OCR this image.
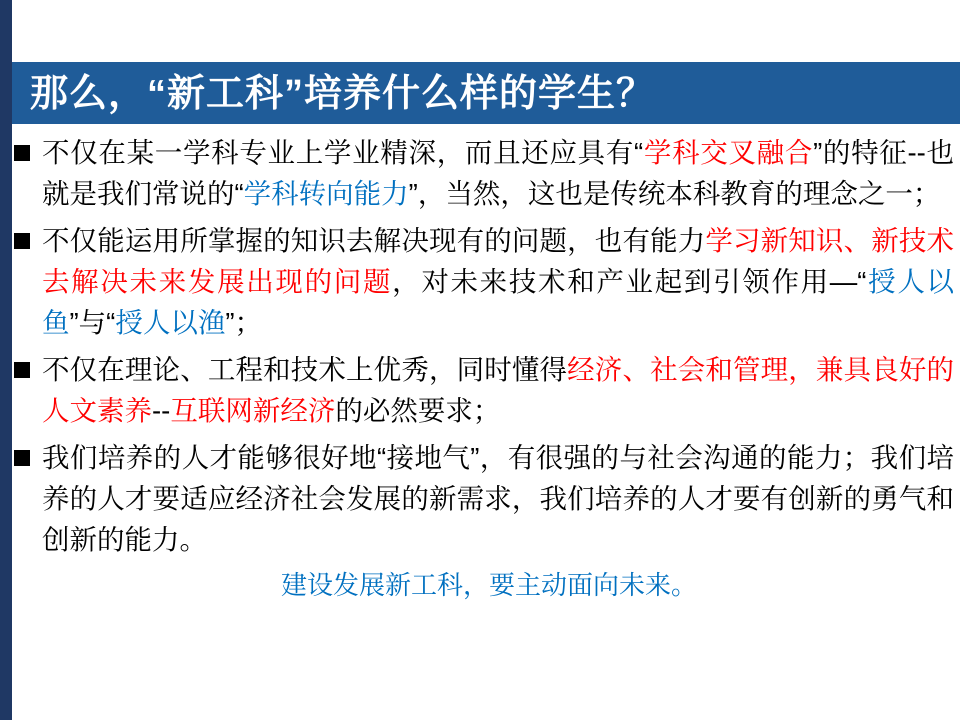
那么，“新工科”培养什么样的学生？
不仅在某一学科专业上学业精深，而且还应具有“学科交叉融合”的特征--也就是我们常说的“学科转向能力”，当然，这也是传统本科教育的理念之一；
不仅能运用所掌握的知识去解决现有的问题，也有能力学习新知识、新技术去解决未来发展出现的问题，对未来技术和产业起到引领作用—“授人以鱼”与“授人以渔”；
不仅在理论、工程和技术上优秀，同时懂得经济、社会和管理，兼具良好的人文素养--互联网新经济的必然要求；
我们培养的人才能够很好地“接地气”，有很强的与社会沟通的能力；我们培养的人才要适应经济社会发展的新需求，我们培养的人才要有创新的勇气和创新的能力。
建设发展新工科，要主动面向未来。
